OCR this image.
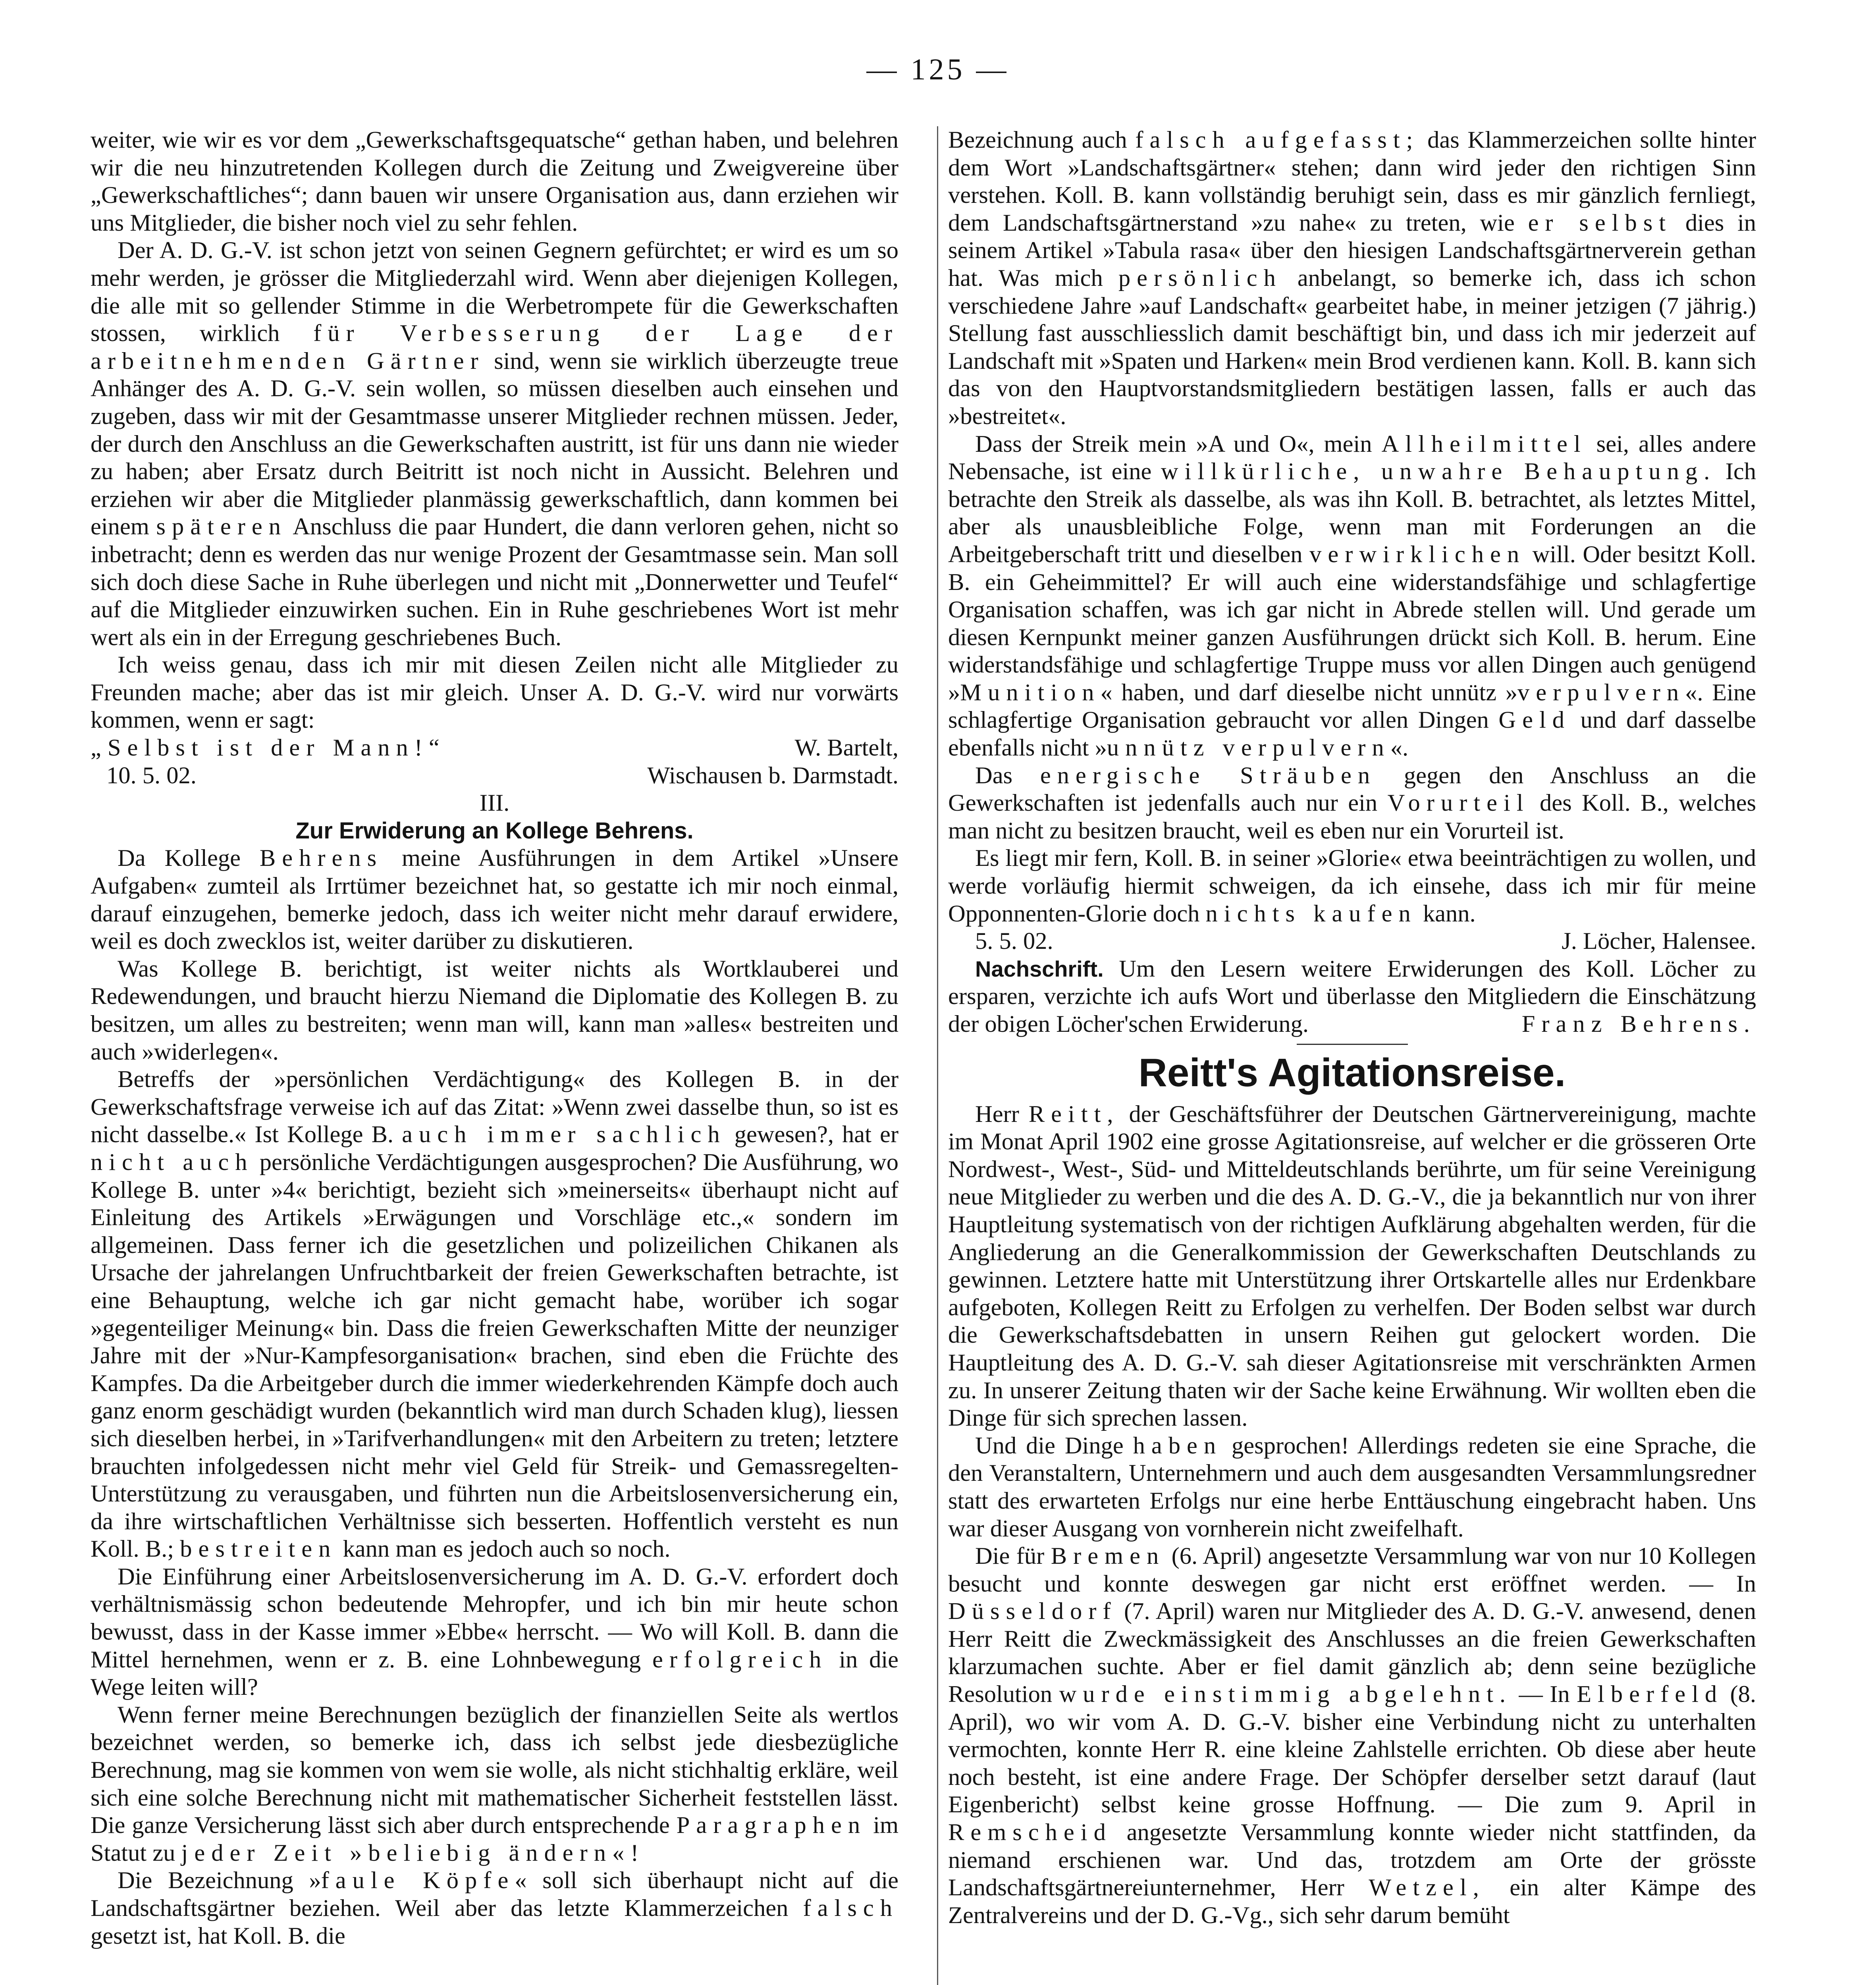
— 125 —

weiter, wie wir es vor dem „Gewerkschaftsgequatsche“ gethan haben, und belehren wir die neu hinzutretenden Kollegen durch die Zeitung und Zweigvereine über „Gewerkschaftliches“; dann bauen wir unsere Organisation aus, dann erziehen wir uns Mitglieder, die bisher noch viel zu sehr fehlen.

Der A. D. G.-V. ist schon jetzt von seinen Gegnern gefürchtet; er wird es um so mehr werden, je grösser die Mitgliederzahl wird. Wenn aber diejenigen Kollegen, die alle mit so gellender Stimme in die Werbetrompete für die Gewerkschaften stossen, wirklich für Verbesserung der Lage der arbeitnehmenden Gärtner sind, wenn sie wirklich überzeugte treue Anhänger des A. D. G.-V. sein wollen, so müssen dieselben auch einsehen und zugeben, dass wir mit der Gesamtmasse unserer Mitglieder rechnen müssen. Jeder, der durch den Anschluss an die Gewerkschaften austritt, ist für uns dann nie wieder zu haben; aber Ersatz durch Beitritt ist noch nicht in Aussicht. Belehren und erziehen wir aber die Mitglieder planmässig gewerkschaftlich, dann kommen bei einem späteren Anschluss die paar Hundert, die dann verloren gehen, nicht so inbetracht; denn es werden das nur wenige Prozent der Gesamtmasse sein. Man soll sich doch diese Sache in Ruhe überlegen und nicht mit „Donnerwetter und Teufel“ auf die Mitglieder einzuwirken suchen. Ein in Ruhe geschriebenes Wort ist mehr wert als ein in der Erregung geschriebenes Buch.

Ich weiss genau, dass ich mir mit diesen Zeilen nicht alle Mitglieder zu Freunden mache; aber das ist mir gleich. Unser A. D. G.-V. wird nur vorwärts kommen, wenn er sagt:

„Selbst ist der Mann!“	W. Bartelt,
10. 5. 02.	Wischausen b. Darmstadt.

III.

Zur Erwiderung an Kollege Behrens.

Da Kollege Behrens meine Ausführungen in dem Artikel »Unsere Aufgaben« zumteil als Irrtümer bezeichnet hat, so gestatte ich mir noch einmal, darauf einzugehen, bemerke jedoch, dass ich weiter nicht mehr darauf erwidere, weil es doch zwecklos ist, weiter darüber zu diskutieren.

Was Kollege B. berichtigt, ist weiter nichts als Wortklauberei und Redewendungen, und braucht hierzu Niemand die Diplomatie des Kollegen B. zu besitzen, um alles zu bestreiten; wenn man will, kann man »alles« bestreiten und auch »widerlegen«.

Betreffs der »persönlichen Verdächtigung« des Kollegen B. in der Gewerkschaftsfrage verweise ich auf das Zitat: »Wenn zwei dasselbe thun, so ist es nicht dasselbe.« Ist Kollege B. auch immer sachlich gewesen?, hat er nicht auch persönliche Verdächtigungen ausgesprochen? Die Ausführung, wo Kollege B. unter »4« berichtigt, bezieht sich »meinerseits« überhaupt nicht auf Einleitung des Artikels »Erwägungen und Vorschläge etc.,« sondern im allgemeinen. Dass ferner ich die gesetzlichen und polizeilichen Chikanen als Ursache der jahrelangen Unfruchtbarkeit der freien Gewerkschaften betrachte, ist eine Behauptung, welche ich gar nicht gemacht habe, worüber ich sogar »gegenteiliger Meinung« bin. Dass die freien Gewerkschaften Mitte der neunziger Jahre mit der »Nur-Kampfesorganisation« brachen, sind eben die Früchte des Kampfes. Da die Arbeitgeber durch die immer wiederkehrenden Kämpfe doch auch ganz enorm geschädigt wurden (bekanntlich wird man durch Schaden klug), liessen sich dieselben herbei, in »Tarifverhandlungen« mit den Arbeitern zu treten; letztere brauchten infolgedessen nicht mehr viel Geld für Streik- und Gemassregelten-Unterstützung zu verausgaben, und führten nun die Arbeitslosenversicherung ein, da ihre wirtschaftlichen Verhältnisse sich besserten. Hoffentlich versteht es nun Koll. B.; bestreiten kann man es jedoch auch so noch.

Die Einführung einer Arbeitslosenversicherung im A. D. G.-V. erfordert doch verhältnismässig schon bedeutende Mehropfer, und ich bin mir heute schon bewusst, dass in der Kasse immer »Ebbe« herrscht. — Wo will Koll. B. dann die Mittel hernehmen, wenn er z. B. eine Lohnbewegung erfolgreich in die Wege leiten will?

Wenn ferner meine Berechnungen bezüglich der finanziellen Seite als wertlos bezeichnet werden, so bemerke ich, dass ich selbst jede diesbezügliche Berechnung, mag sie kommen von wem sie wolle, als nicht stichhaltig erkläre, weil sich eine solche Berechnung nicht mit mathematischer Sicherheit feststellen lässt. Die ganze Versicherung lässt sich aber durch entsprechende Paragraphen im Statut zu jeder Zeit »beliebig ändern«!

Die Bezeichnung »faule Köpfe« soll sich überhaupt nicht auf die Landschaftsgärtner beziehen. Weil aber das letzte Klammerzeichen falsch gesetzt ist, hat Koll. B. die

Bezeichnung auch falsch aufgefasst; das Klammerzeichen sollte hinter dem Wort »Landschaftsgärtner« stehen; dann wird jeder den richtigen Sinn verstehen. Koll. B. kann vollständig beruhigt sein, dass es mir gänzlich fernliegt, dem Landschaftsgärtnerstand »zu nahe« zu treten, wie er selbst dies in seinem Artikel »Tabula rasa« über den hiesigen Landschaftsgärtnerverein gethan hat. Was mich persönlich anbelangt, so bemerke ich, dass ich schon verschiedene Jahre »auf Landschaft« gearbeitet habe, in meiner jetzigen (7 jährig.) Stellung fast ausschliesslich damit beschäftigt bin, und dass ich mir jederzeit auf Landschaft mit »Spaten und Harken« mein Brod verdienen kann. Koll. B. kann sich das von den Hauptvorstandsmitgliedern bestätigen lassen, falls er auch das »bestreitet«.

Dass der Streik mein »A und O«, mein Allheilmittel sei, alles andere Nebensache, ist eine willkürliche, unwahre Behauptung. Ich betrachte den Streik als dasselbe, als was ihn Koll. B. betrachtet, als letztes Mittel, aber als unausbleibliche Folge, wenn man mit Forderungen an die Arbeitgeberschaft tritt und dieselben verwirklichen will. Oder besitzt Koll. B. ein Geheimmittel? Er will auch eine widerstandsfähige und schlagfertige Organisation schaffen, was ich gar nicht in Abrede stellen will. Und gerade um diesen Kernpunkt meiner ganzen Ausführungen drückt sich Koll. B. herum. Eine widerstandsfähige und schlagfertige Truppe muss vor allen Dingen auch genügend »Munition« haben, und darf dieselbe nicht unnütz »verpulvern«. Eine schlagfertige Organisation gebraucht vor allen Dingen Geld und darf dasselbe ebenfalls nicht »unnütz verpulvern«.

Das energische Sträuben gegen den Anschluss an die Gewerkschaften ist jedenfalls auch nur ein Vorurteil des Koll. B., welches man nicht zu besitzen braucht, weil es eben nur ein Vorurteil ist.

Es liegt mir fern, Koll. B. in seiner »Glorie« etwa beeinträchtigen zu wollen, und werde vorläufig hiermit schweigen, da ich einsehe, dass ich mir für meine Opponnenten-Glorie doch nichts kaufen kann.

5. 5. 02.	J. Löcher, Halensee.

Nachschrift. Um den Lesern weitere Erwiderungen des Koll. Löcher zu ersparen, verzichte ich aufs Wort und überlasse den Mitgliedern die Einschätzung der obigen Löcher'schen Erwiderung.	Franz Behrens.

Reitt's Agitationsreise.

Herr Reitt, der Geschäftsführer der Deutschen Gärtnervereinigung, machte im Monat April 1902 eine grosse Agitationsreise, auf welcher er die grösseren Orte Nordwest-, West-, Süd- und Mitteldeutschlands berührte, um für seine Vereinigung neue Mitglieder zu werben und die des A. D. G.-V., die ja bekanntlich nur von ihrer Hauptleitung systematisch von der richtigen Aufklärung abgehalten werden, für die Angliederung an die Generalkommission der Gewerkschaften Deutschlands zu gewinnen. Letztere hatte mit Unterstützung ihrer Ortskartelle alles nur Erdenkbare aufgeboten, Kollegen Reitt zu Erfolgen zu verhelfen. Der Boden selbst war durch die Gewerkschaftsdebatten in unsern Reihen gut gelockert worden. Die Hauptleitung des A. D. G.-V. sah dieser Agitationsreise mit verschränkten Armen zu. In unserer Zeitung thaten wir der Sache keine Erwähnung. Wir wollten eben die Dinge für sich sprechen lassen.

Und die Dinge haben gesprochen! Allerdings redeten sie eine Sprache, die den Veranstaltern, Unternehmern und auch dem ausgesandten Versammlungsredner statt des erwarteten Erfolgs nur eine herbe Enttäuschung eingebracht haben. Uns war dieser Ausgang von vornherein nicht zweifelhaft.

Die für Bremen (6. April) angesetzte Versammlung war von nur 10 Kollegen besucht und konnte deswegen gar nicht erst eröffnet werden. — In Düsseldorf (7. April) waren nur Mitglieder des A. D. G.-V. anwesend, denen Herr Reitt die Zweckmässigkeit des Anschlusses an die freien Gewerkschaften klarzumachen suchte. Aber er fiel damit gänzlich ab; denn seine bezügliche Resolution wurde einstimmig abgelehnt. — In Elberfeld (8. April), wo wir vom A. D. G.-V. bisher eine Verbindung nicht zu unterhalten vermochten, konnte Herr R. eine kleine Zahlstelle errichten. Ob diese aber heute noch besteht, ist eine andere Frage. Der Schöpfer derselber setzt darauf (laut Eigenbericht) selbst keine grosse Hoffnung. — Die zum 9. April in Remscheid angesetzte Versammlung konnte wieder nicht stattfinden, da niemand erschienen war. Und das, trotzdem am Orte der grösste Landschaftsgärtnereiunternehmer, Herr Wetzel, ein alter Kämpe des Zentralvereins und der D. G.-Vg., sich sehr darum bemüht
